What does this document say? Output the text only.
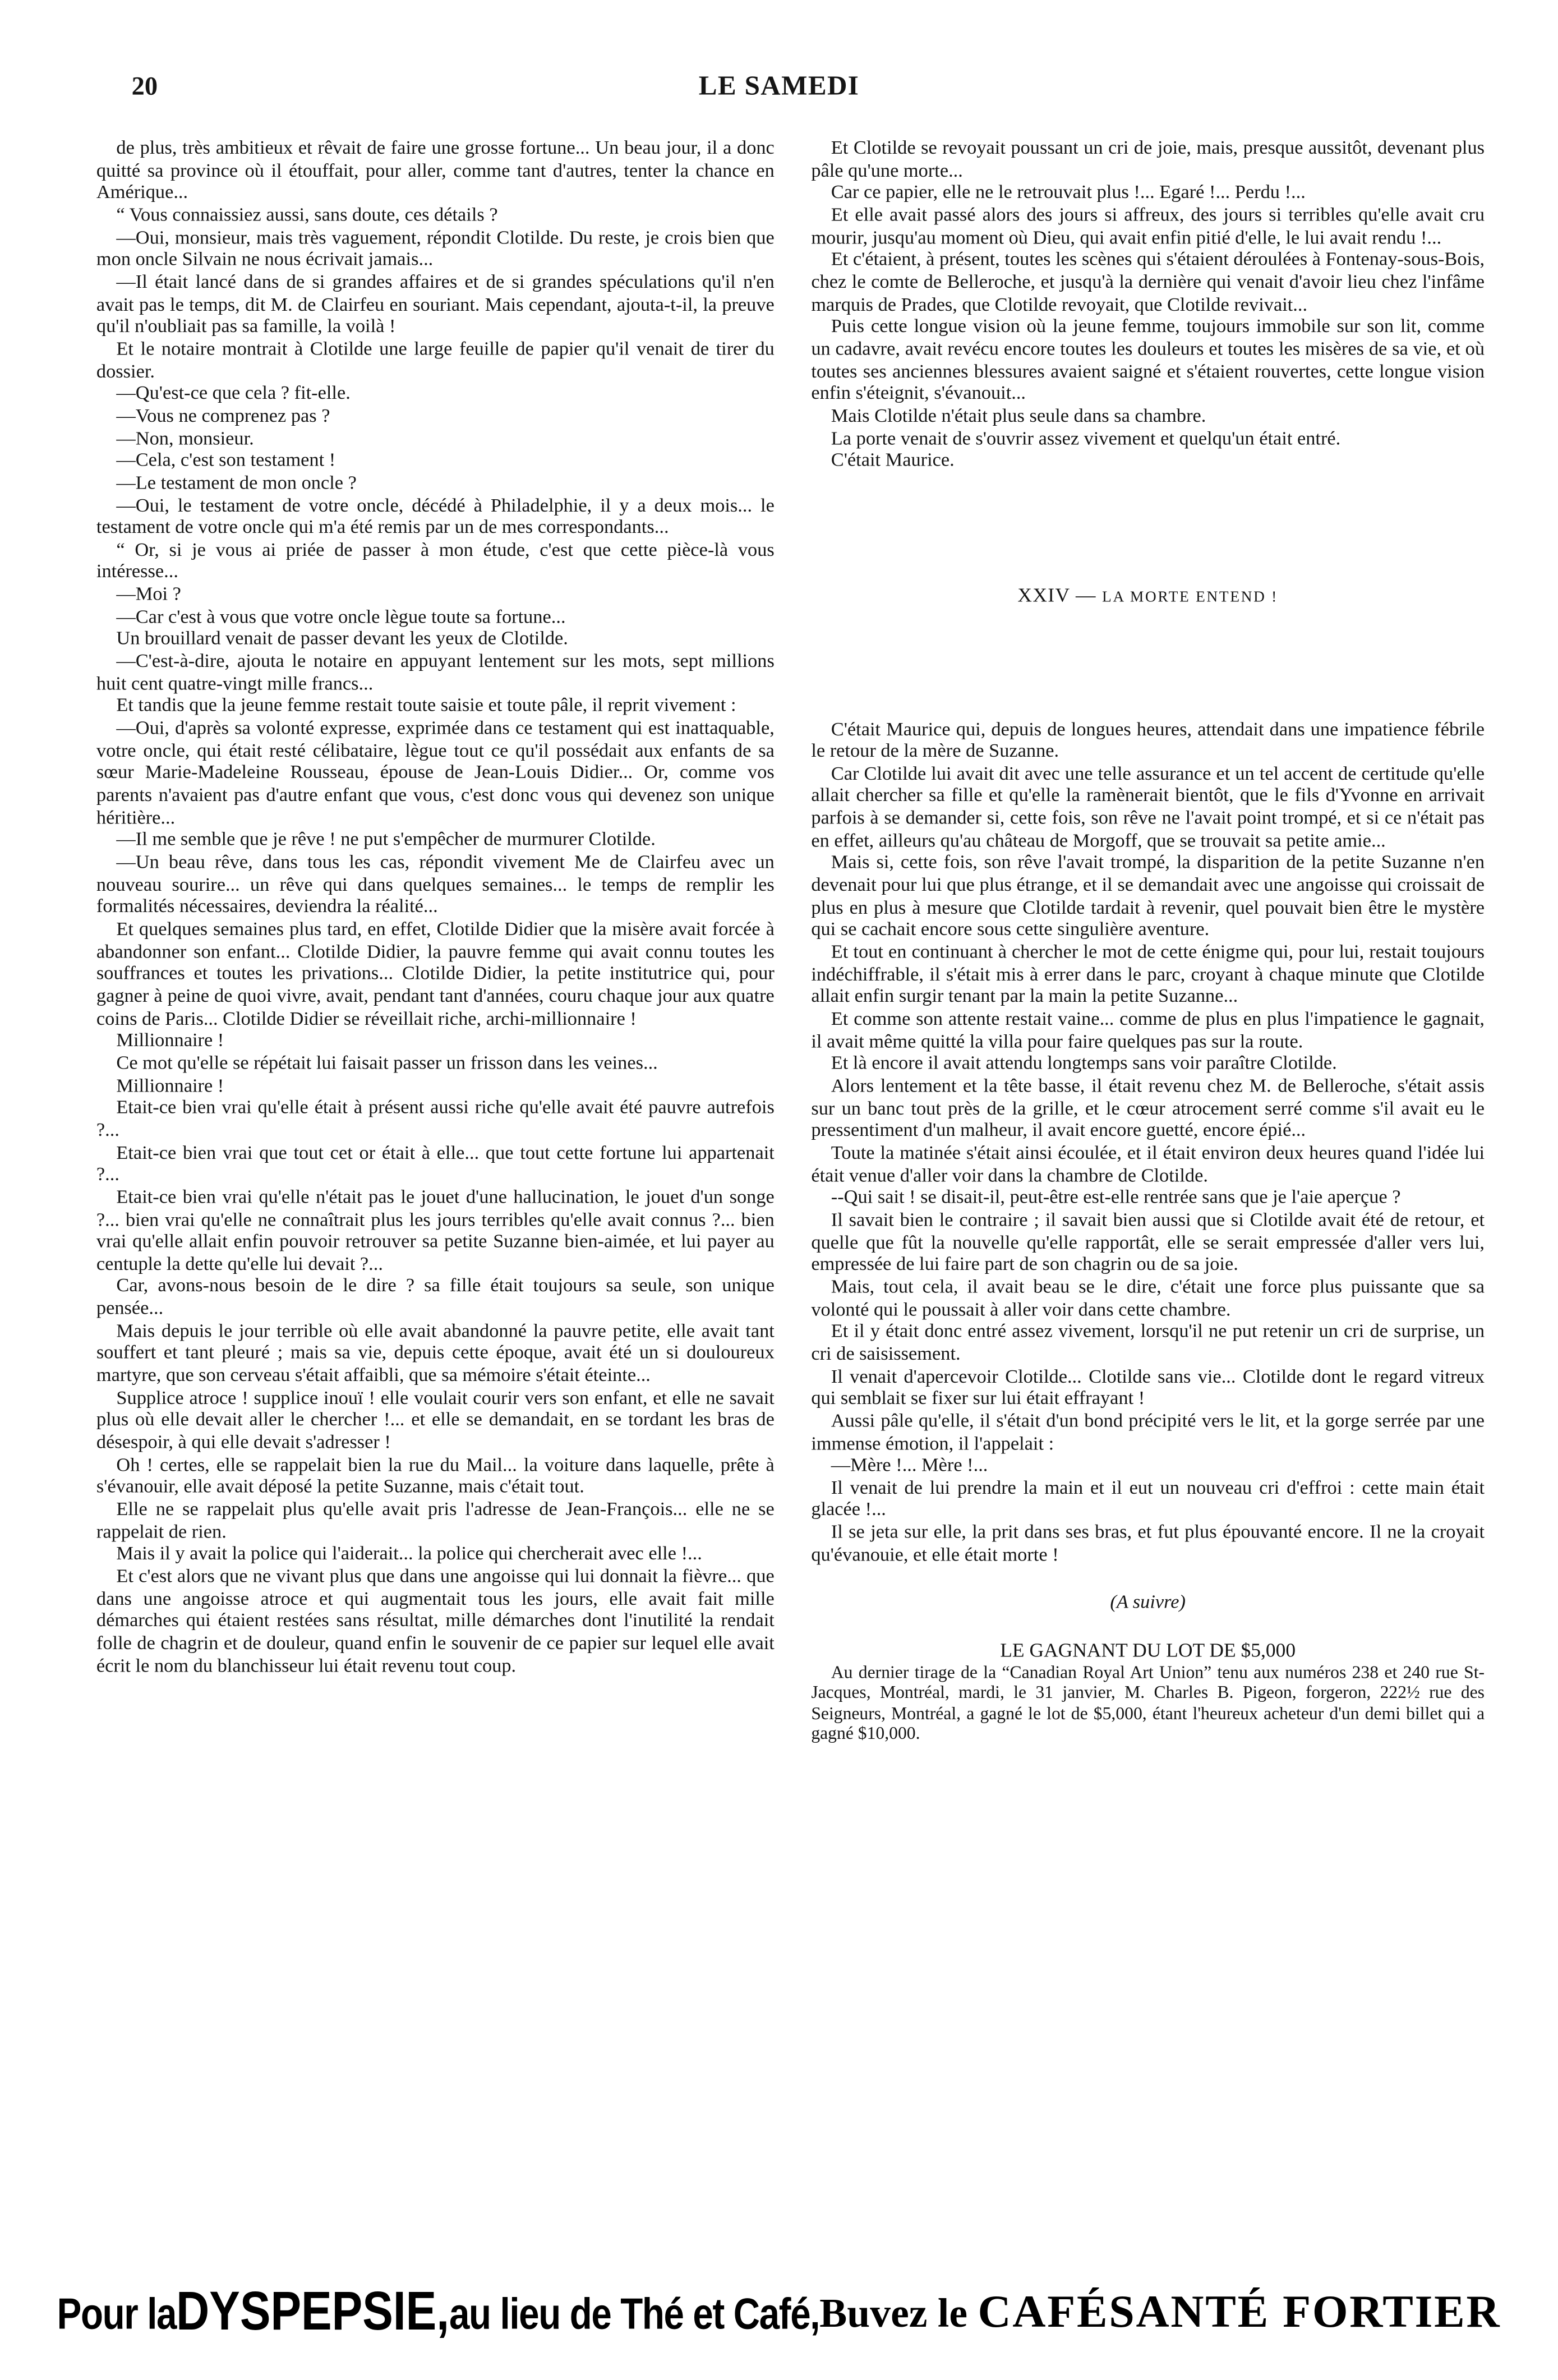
20	LE SAMEDI

de plus, très ambitieux et rêvait de faire une grosse fortune... Un beau jour, il a donc quitté sa province où il étouffait, pour aller, comme tant d'autres, tenter la chance en Amérique...

“ Vous connaissiez aussi, sans doute, ces détails ?

—Oui, monsieur, mais très vaguement, répondit Clotilde. Du reste, je crois bien que mon oncle Silvain ne nous écrivait jamais...

—Il était lancé dans de si grandes affaires et de si grandes spéculations qu'il n'en avait pas le temps, dit M. de Clairfeu en souriant. Mais cependant, ajouta-t-il, la preuve qu'il n'oubliait pas sa famille, la voilà !

Et le notaire montrait à Clotilde une large feuille de papier qu'il venait de tirer du dossier.

—Qu'est-ce que cela ? fit-elle.

—Vous ne comprenez pas ?

—Non, monsieur.

—Cela, c'est son testament !

—Le testament de mon oncle ?

—Oui, le testament de votre oncle, décédé à Philadelphie, il y a deux mois... le testament de votre oncle qui m'a été remis par un de mes correspondants...

“ Or, si je vous ai priée de passer à mon étude, c'est que cette pièce-là vous intéresse...

—Moi ?

—Car c'est à vous que votre oncle lègue toute sa fortune...

Un brouillard venait de passer devant les yeux de Clotilde.

—C'est-à-dire, ajouta le notaire en appuyant lentement sur les mots, sept millions huit cent quatre-vingt mille francs...

Et tandis que la jeune femme restait toute saisie et toute pâle, il reprit vivement :

—Oui, d'après sa volonté expresse, exprimée dans ce testament qui est inattaquable, votre oncle, qui était resté célibataire, lègue tout ce qu'il possédait aux enfants de sa sœur Marie-Madeleine Rousseau, épouse de Jean-Louis Didier... Or, comme vos parents n'avaient pas d'autre enfant que vous, c'est donc vous qui devenez son unique héritière...

—Il me semble que je rêve ! ne put s'empêcher de murmurer Clotilde.

—Un beau rêve, dans tous les cas, répondit vivement Me de Clairfeu avec un nouveau sourire... un rêve qui dans quelques semaines... le temps de remplir les formalités nécessaires, deviendra la réalité...

Et quelques semaines plus tard, en effet, Clotilde Didier que la misère avait forcée à abandonner son enfant... Clotilde Didier, la pauvre femme qui avait connu toutes les souffrances et toutes les privations... Clotilde Didier, la petite institutrice qui, pour gagner à peine de quoi vivre, avait, pendant tant d'années, couru chaque jour aux quatre coins de Paris... Clotilde Didier se réveillait riche, archi-millionnaire !

Millionnaire !

Ce mot qu'elle se répétait lui faisait passer un frisson dans les veines...

Millionnaire !

Etait-ce bien vrai qu'elle était à présent aussi riche qu'elle avait été pauvre autrefois ?...

Etait-ce bien vrai que tout cet or était à elle... que tout cette fortune lui appartenait ?...

Etait-ce bien vrai qu'elle n'était pas le jouet d'une hallucination, le jouet d'un songe ?... bien vrai qu'elle ne connaîtrait plus les jours terribles qu'elle avait connus ?... bien vrai qu'elle allait enfin pouvoir retrouver sa petite Suzanne bien-aimée, et lui payer au centuple la dette qu'elle lui devait ?...

Car, avons-nous besoin de le dire ? sa fille était toujours sa seule, son unique pensée...

Mais depuis le jour terrible où elle avait abandonné la pauvre petite, elle avait tant souffert et tant pleuré ; mais sa vie, depuis cette époque, avait été un si douloureux martyre, que son cerveau s'était affaibli, que sa mémoire s'était éteinte...

Supplice atroce ! supplice inouï ! elle voulait courir vers son enfant, et elle ne savait plus où elle devait aller le chercher !... et elle se demandait, en se tordant les bras de désespoir, à qui elle devait s'adresser !

Oh ! certes, elle se rappelait bien la rue du Mail... la voiture dans laquelle, prête à s'évanouir, elle avait déposé la petite Suzanne, mais c'était tout.

Elle ne se rappelait plus qu'elle avait pris l'adresse de Jean-François... elle ne se rappelait de rien.

Mais il y avait la police qui l'aiderait... la police qui chercherait avec elle !...

Et c'est alors que ne vivant plus que dans une angoisse qui lui donnait la fièvre... que dans une angoisse atroce et qui augmentait tous les jours, elle avait fait mille démarches qui étaient restées sans résultat, mille démarches dont l'inutilité la rendait folle de chagrin et de douleur, quand enfin le souvenir de ce papier sur lequel elle avait écrit le nom du blanchisseur lui était revenu tout coup.

Et Clotilde se revoyait poussant un cri de joie, mais, presque aussitôt, devenant plus pâle qu'une morte...

Car ce papier, elle ne le retrouvait plus !... Egaré !... Perdu !...

Et elle avait passé alors des jours si affreux, des jours si terribles qu'elle avait cru mourir, jusqu'au moment où Dieu, qui avait enfin pitié d'elle, le lui avait rendu !...

Et c'étaient, à présent, toutes les scènes qui s'étaient déroulées à Fontenay-sous-Bois, chez le comte de Belleroche, et jusqu'à la dernière qui venait d'avoir lieu chez l'infâme marquis de Prades, que Clotilde revoyait, que Clotilde revivait...

Puis cette longue vision où la jeune femme, toujours immobile sur son lit, comme un cadavre, avait revécu encore toutes les douleurs et toutes les misères de sa vie, et où toutes ses anciennes blessures avaient saigné et s'étaient rouvertes, cette longue vision enfin s'éteignit, s'évanouit...

Mais Clotilde n'était plus seule dans sa chambre.

La porte venait de s'ouvrir assez vivement et quelqu'un était entré.

C'était Maurice.

XXIV — LA MORTE ENTEND !

C'était Maurice qui, depuis de longues heures, attendait dans une impatience fébrile le retour de la mère de Suzanne.

Car Clotilde lui avait dit avec une telle assurance et un tel accent de certitude qu'elle allait chercher sa fille et qu'elle la ramènerait bientôt, que le fils d'Yvonne en arrivait parfois à se demander si, cette fois, son rêve ne l'avait point trompé, et si ce n'était pas en effet, ailleurs qu'au château de Morgoff, que se trouvait sa petite amie...

Mais si, cette fois, son rêve l'avait trompé, la disparition de la petite Suzanne n'en devenait pour lui que plus étrange, et il se demandait avec une angoisse qui croissait de plus en plus à mesure que Clotilde tardait à revenir, quel pouvait bien être le mystère qui se cachait encore sous cette singulière aventure.

Et tout en continuant à chercher le mot de cette énigme qui, pour lui, restait toujours indéchiffrable, il s'était mis à errer dans le parc, croyant à chaque minute que Clotilde allait enfin surgir tenant par la main la petite Suzanne...

Et comme son attente restait vaine... comme de plus en plus l'impatience le gagnait, il avait même quitté la villa pour faire quelques pas sur la route.

Et là encore il avait attendu longtemps sans voir paraître Clotilde.

Alors lentement et la tête basse, il était revenu chez M. de Belleroche, s'était assis sur un banc tout près de la grille, et le cœur atrocement serré comme s'il avait eu le pressentiment d'un malheur, il avait encore guetté, encore épié...

Toute la matinée s'était ainsi écoulée, et il était environ deux heures quand l'idée lui était venue d'aller voir dans la chambre de Clotilde.

--Qui sait ! se disait-il, peut-être est-elle rentrée sans que je l'aie aperçue ?

Il savait bien le contraire ; il savait bien aussi que si Clotilde avait été de retour, et quelle que fût la nouvelle qu'elle rapportât, elle se serait empressée d'aller vers lui, empressée de lui faire part de son chagrin ou de sa joie.

Mais, tout cela, il avait beau se le dire, c'était une force plus puissante que sa volonté qui le poussait à aller voir dans cette chambre.

Et il y était donc entré assez vivement, lorsqu'il ne put retenir un cri de surprise, un cri de saisissement.

Il venait d'apercevoir Clotilde... Clotilde sans vie... Clotilde dont le regard vitreux qui semblait se fixer sur lui était effrayant !

Aussi pâle qu'elle, il s'était d'un bond précipité vers le lit, et la gorge serrée par une immense émotion, il l'appelait :

—Mère !... Mère !...

Il venait de lui prendre la main et il eut un nouveau cri d'effroi : cette main était glacée !...

Il se jeta sur elle, la prit dans ses bras, et fut plus épouvanté encore. Il ne la croyait qu'évanouie, et elle était morte !

(A suivre)

LE GAGNANT DU LOT DE $5,000

Au dernier tirage de la “Canadian Royal Art Union” tenu aux numéros 238 et 240 rue St-Jacques, Montréal, mardi, le 31 janvier, M. Charles B. Pigeon, forgeron, 222½ rue des Seigneurs, Montréal, a gagné le lot de $5,000, étant l'heureux acheteur d'un demi billet qui a gagné $10,000.

Pour laDYSPEPSIE,au lieu de Thé et Café,Buvez le CAFÉSANTÉ FORTIER
